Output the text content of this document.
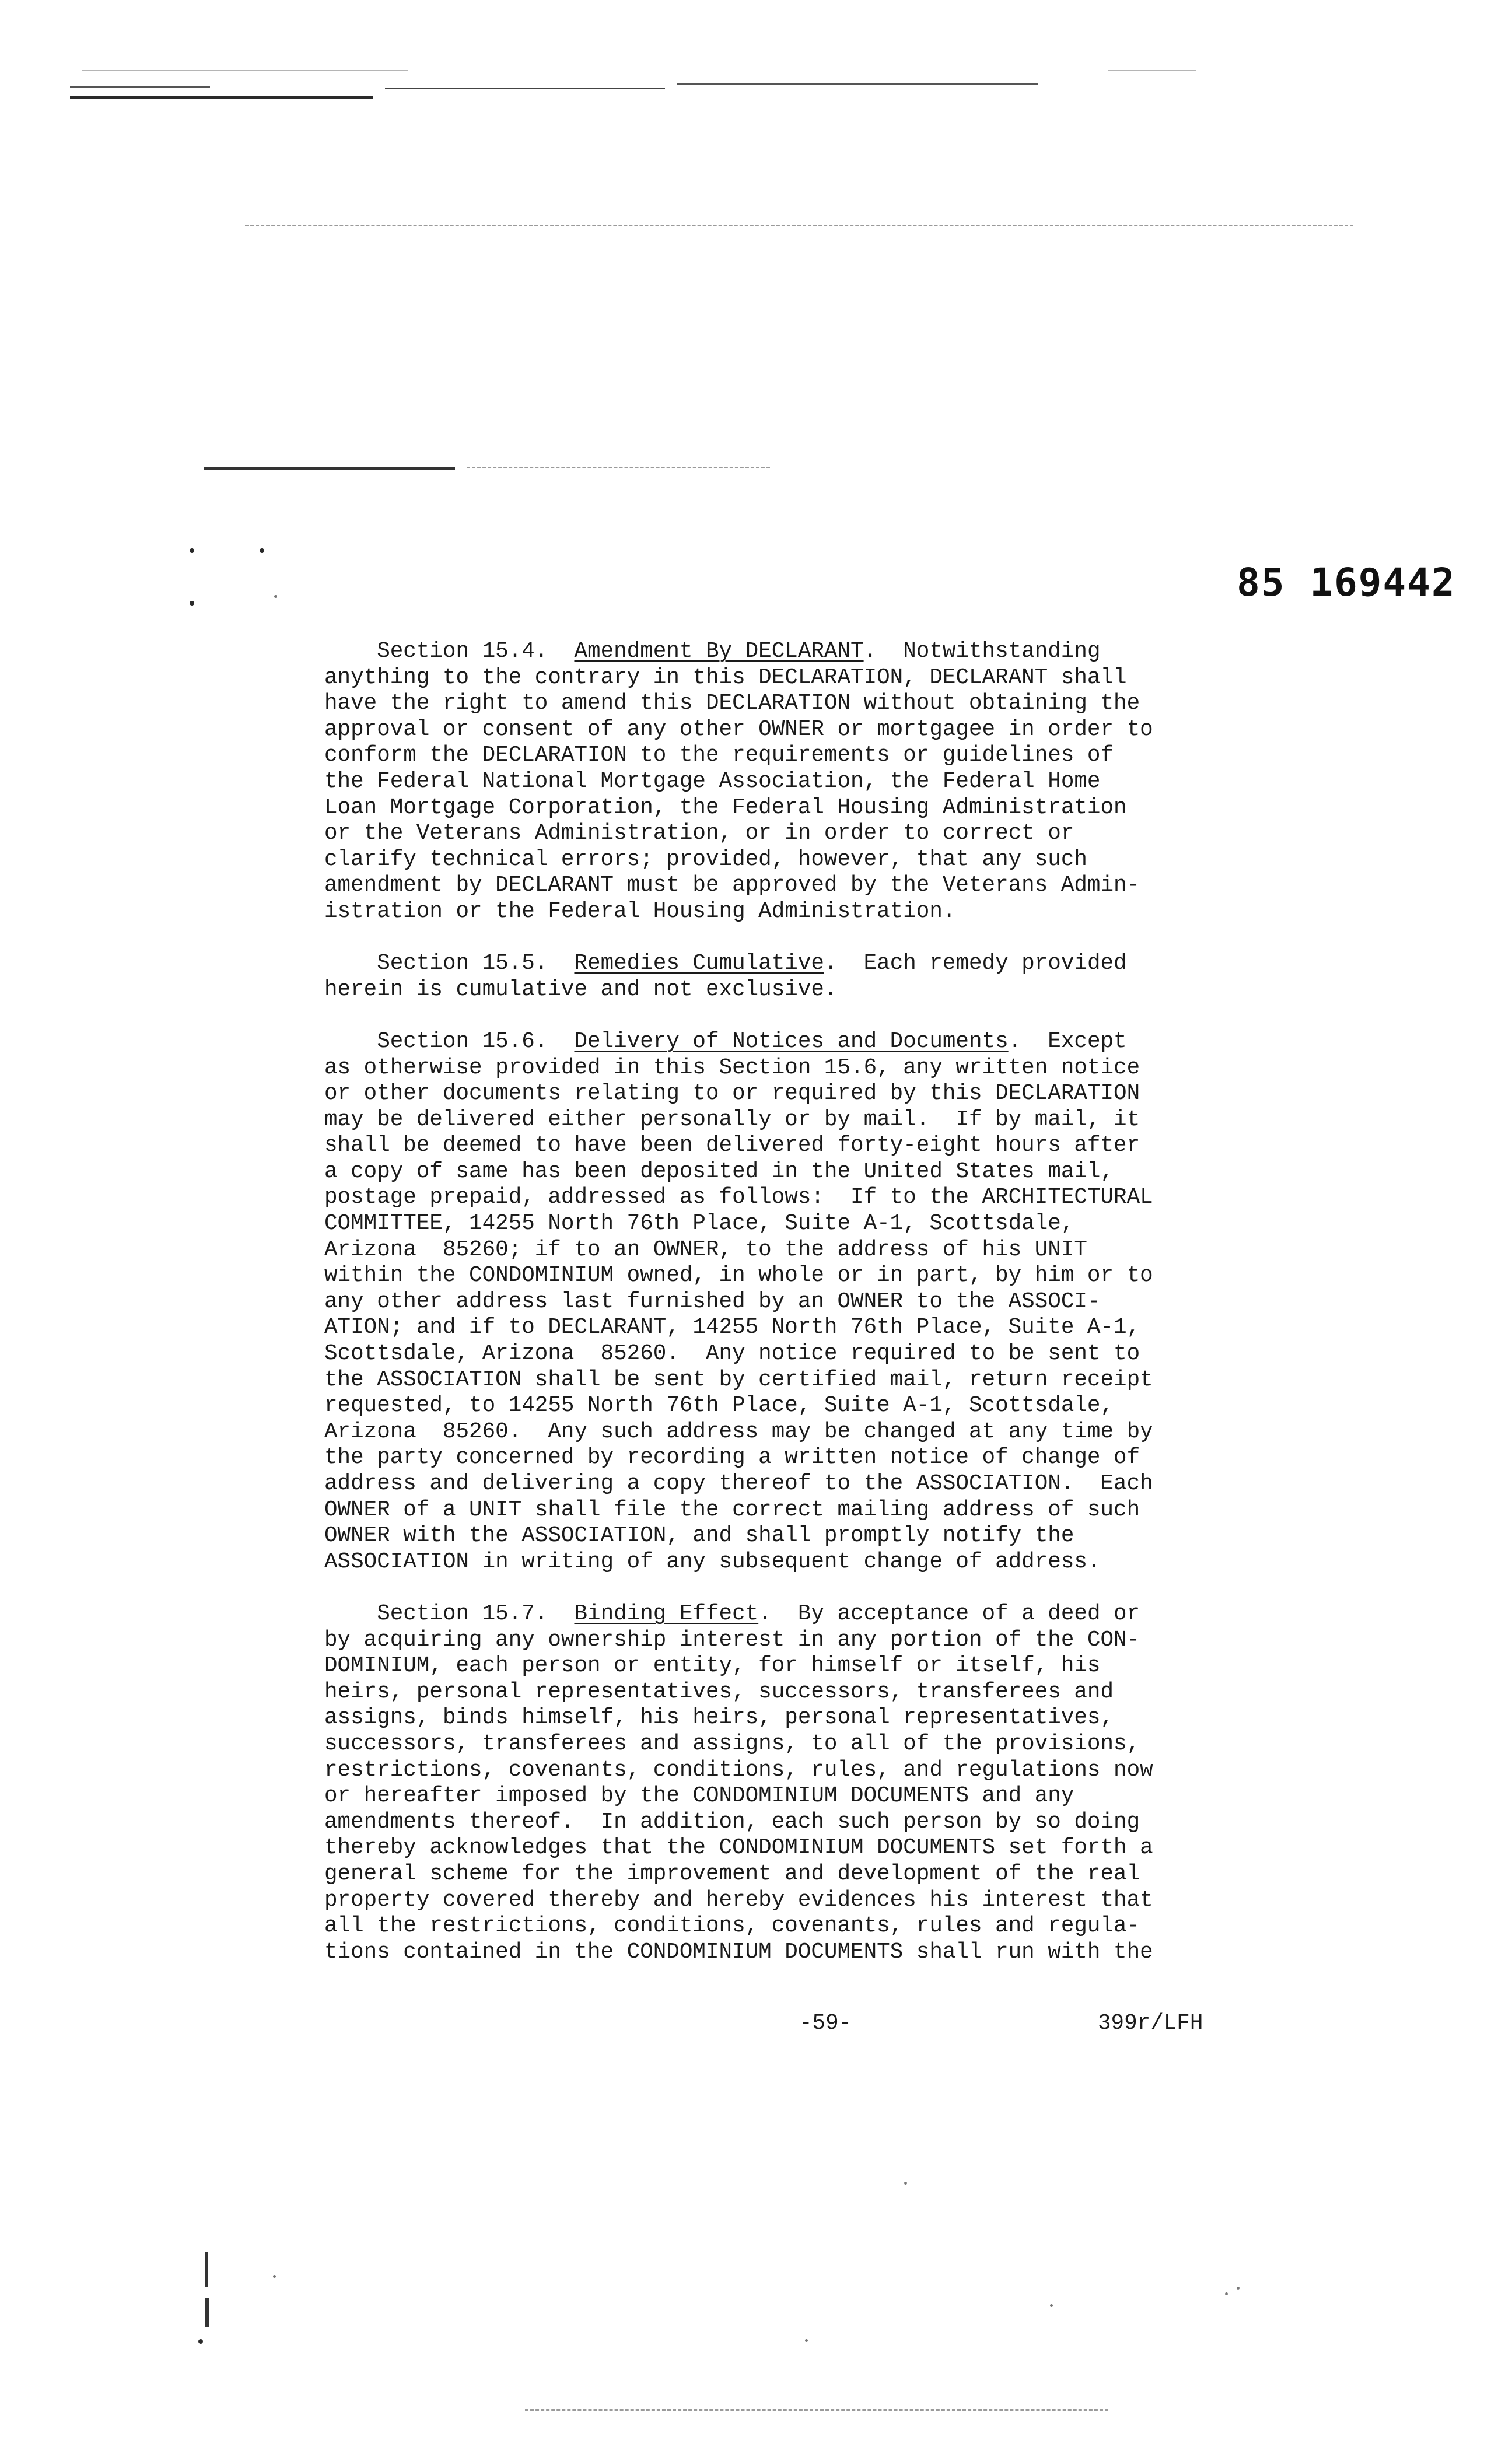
85 169442
Section 15.4.  Amendment By DECLARANT.  Notwithstanding
anything to the contrary in this DECLARATION, DECLARANT shall
have the right to amend this DECLARATION without obtaining the
approval or consent of any other OWNER or mortgagee in order to
conform the DECLARATION to the requirements or guidelines of
the Federal National Mortgage Association, the Federal Home
Loan Mortgage Corporation, the Federal Housing Administration
or the Veterans Administration, or in order to correct or
clarify technical errors; provided, however, that any such
amendment by DECLARANT must be approved by the Veterans Admin-
istration or the Federal Housing Administration.
Section 15.5.  Remedies Cumulative.  Each remedy provided
herein is cumulative and not exclusive.
Section 15.6.  Delivery of Notices and Documents.  Except
as otherwise provided in this Section 15.6, any written notice
or other documents relating to or required by this DECLARATION
may be delivered either personally or by mail.  If by mail, it
shall be deemed to have been delivered forty-eight hours after
a copy of same has been deposited in the United States mail,
postage prepaid, addressed as follows:  If to the ARCHITECTURAL
COMMITTEE, 14255 North 76th Place, Suite A-1, Scottsdale,
Arizona  85260; if to an OWNER, to the address of his UNIT
within the CONDOMINIUM owned, in whole or in part, by him or to
any other address last furnished by an OWNER to the ASSOCI-
ATION; and if to DECLARANT, 14255 North 76th Place, Suite A-1,
Scottsdale, Arizona  85260.  Any notice required to be sent to
the ASSOCIATION shall be sent by certified mail, return receipt
requested, to 14255 North 76th Place, Suite A-1, Scottsdale,
Arizona  85260.  Any such address may be changed at any time by
the party concerned by recording a written notice of change of
address and delivering a copy thereof to the ASSOCIATION.  Each
OWNER of a UNIT shall file the correct mailing address of such
OWNER with the ASSOCIATION, and shall promptly notify the
ASSOCIATION in writing of any subsequent change of address.
Section 15.7.  Binding Effect.  By acceptance of a deed or
by acquiring any ownership interest in any portion of the CON-
DOMINIUM, each person or entity, for himself or itself, his
heirs, personal representatives, successors, transferees and
assigns, binds himself, his heirs, personal representatives,
successors, transferees and assigns, to all of the provisions,
restrictions, covenants, conditions, rules, and regulations now
or hereafter imposed by the CONDOMINIUM DOCUMENTS and any
amendments thereof.  In addition, each such person by so doing
thereby acknowledges that the CONDOMINIUM DOCUMENTS set forth a
general scheme for the improvement and development of the real
property covered thereby and hereby evidences his interest that
all the restrictions, conditions, covenants, rules and regula-
tions contained in the CONDOMINIUM DOCUMENTS shall run with the
-59-	399r/LFH
